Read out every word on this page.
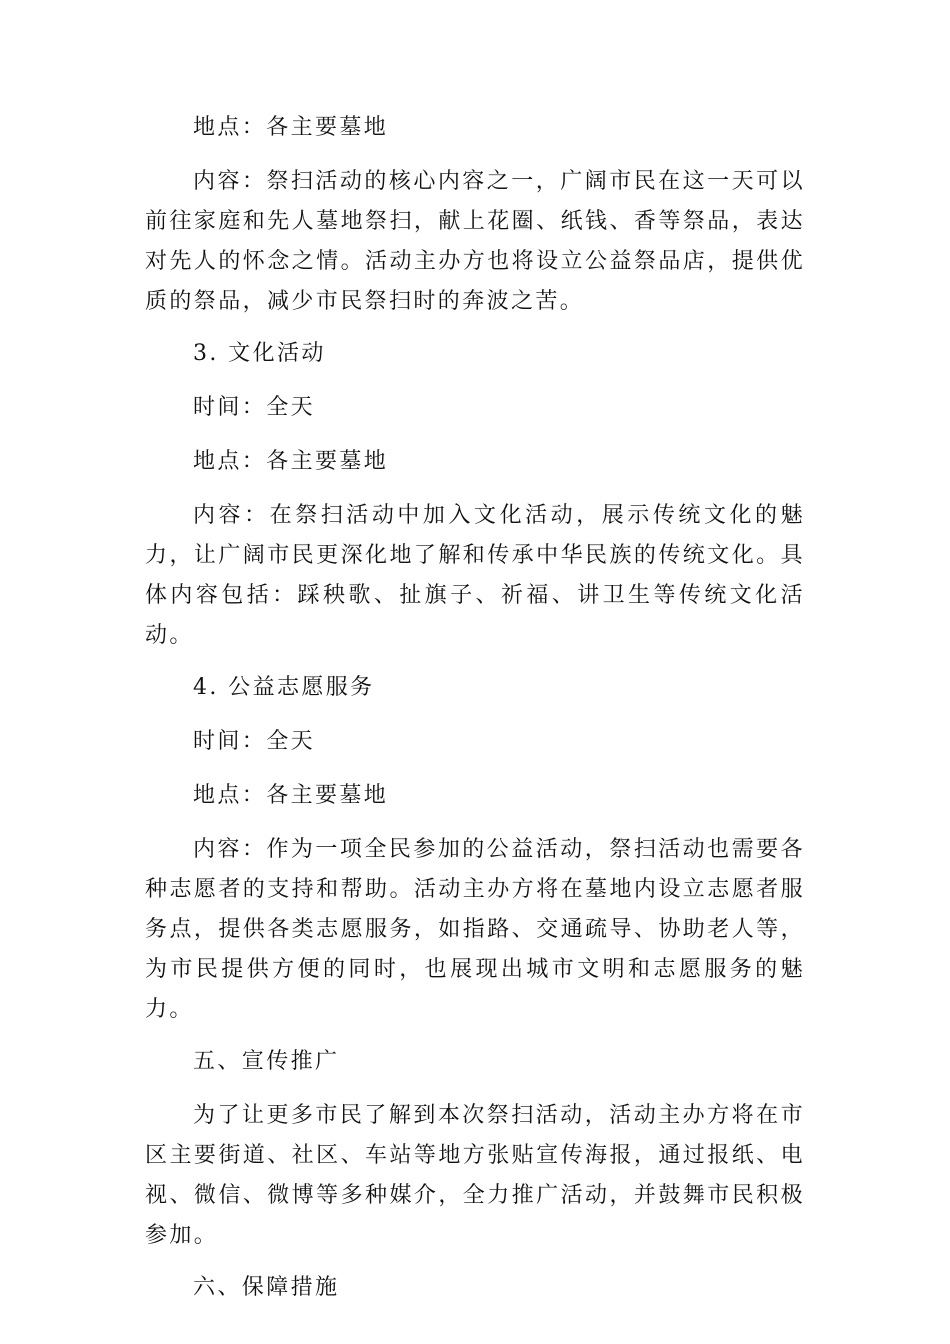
地点：各主要墓地

内容：祭扫活动的核心内容之一，广阔市民在这一天可以前往家庭和先人墓地祭扫，献上花圈、纸钱、香等祭品，表达对先人的怀念之情。活动主办方也将设立公益祭品店，提供优质的祭品，减少市民祭扫时的奔波之苦。

3. 文化活动

时间：全天

地点：各主要墓地

内容：在祭扫活动中加入文化活动，展示传统文化的魅力，让广阔市民更深化地了解和传承中华民族的传统文化。具体内容包括：踩秧歌、扯旗子、祈福、讲卫生等传统文化活动。

4. 公益志愿服务

时间：全天

地点：各主要墓地

内容：作为一项全民参加的公益活动，祭扫活动也需要各种志愿者的支持和帮助。活动主办方将在墓地内设立志愿者服务点，提供各类志愿服务，如指路、交通疏导、协助老人等，为市民提供方便的同时，也展现出城市文明和志愿服务的魅力。

五、宣传推广

为了让更多市民了解到本次祭扫活动，活动主办方将在市区主要街道、社区、车站等地方张贴宣传海报，通过报纸、电视、微信、微博等多种媒介，全力推广活动，并鼓舞市民积极参加。

六、保障措施
